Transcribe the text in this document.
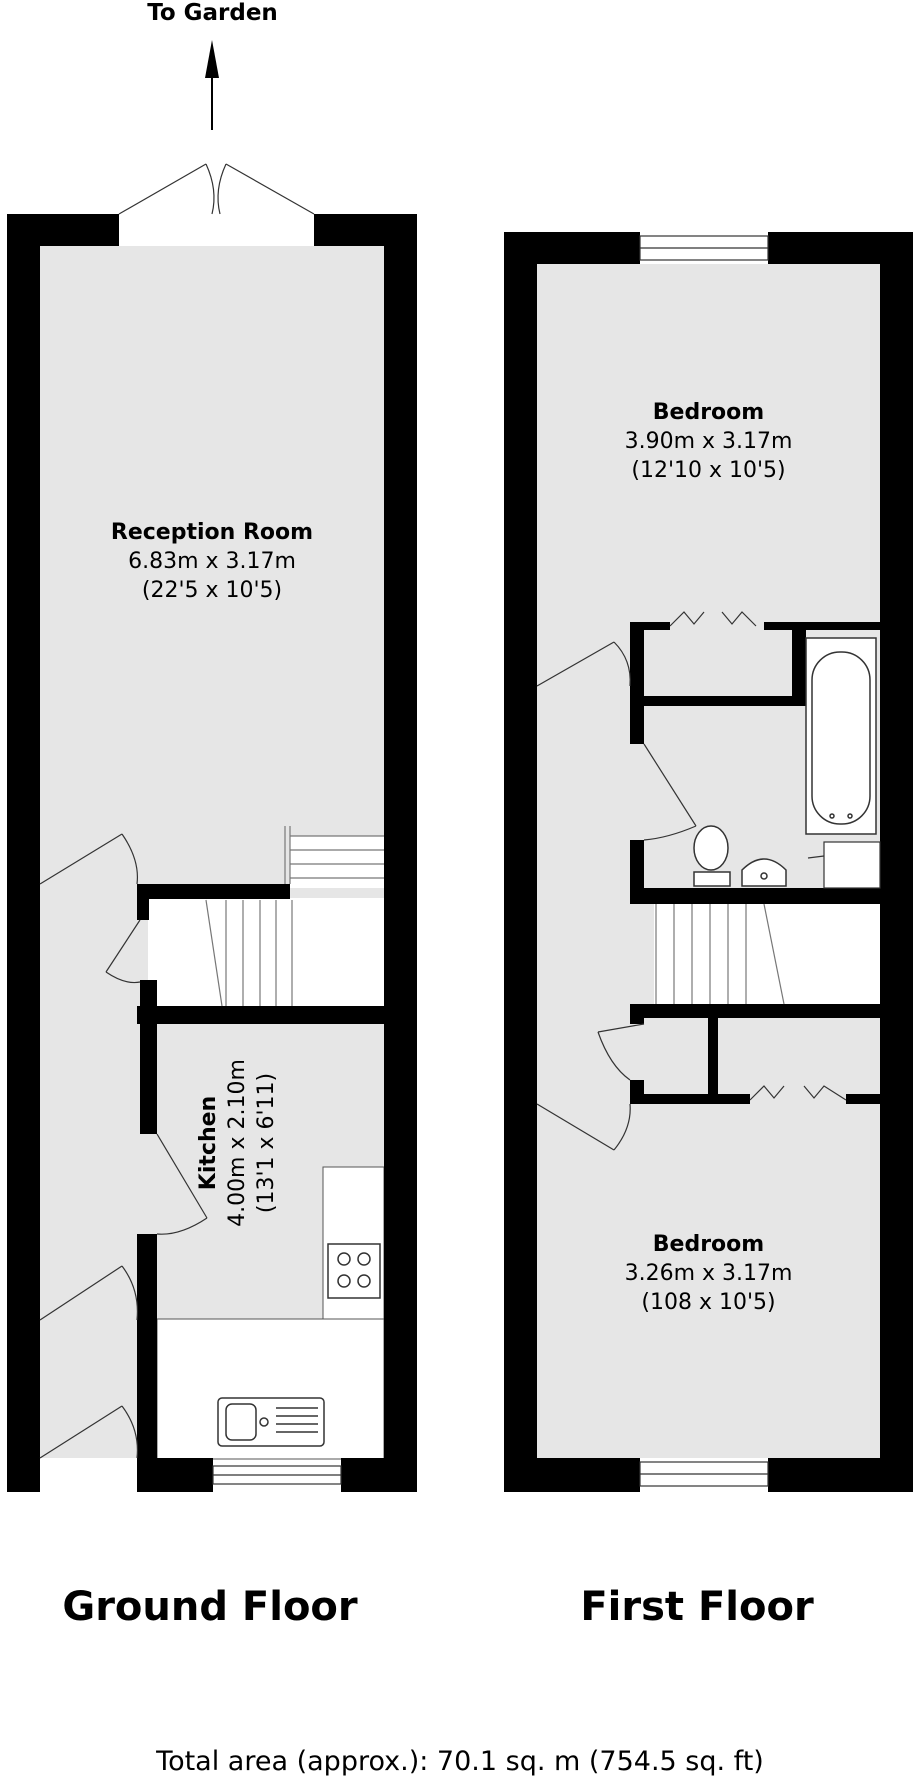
To Garden
Reception Room
6.83m x 3.17m
(22'5 x 10'5)
Kitchen 4.00m x 2.10m (13'1 x 6'11)
Bedroom
3.90m x 3.17m
(12'10 x 10'5)
Bedroom
3.26m x 3.17m
(108 x 10'5)
Ground Floor	First Floor
Total area (approx.): 70.1 sq. m (754.5 sq. ft)
